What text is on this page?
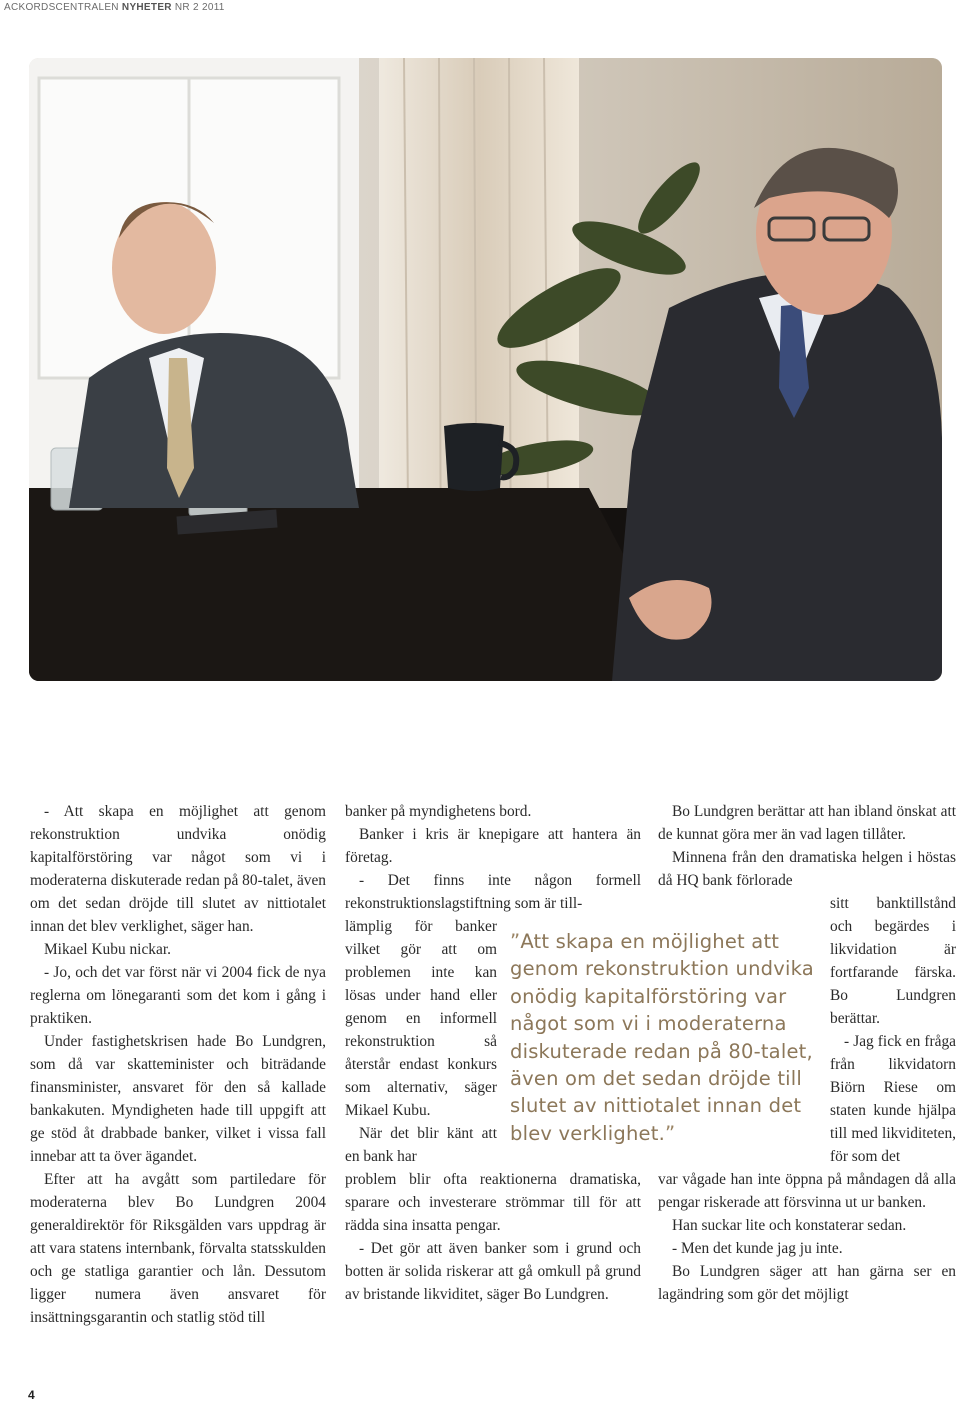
ACKORDSCENTRALEN NYHETER NR 2 2011

- Att skapa en möjlighet att genom rekonstruktion undvika onödig kapitalförstöring var något som vi i moderaterna diskuterade redan på 80-talet, även om det sedan dröjde till slutet av nittiotalet innan det blev verklighet, säger han.

Mikael Kubu nickar.

- Jo, och det var först när vi 2004 fick de nya reglerna om lönegaranti som det kom i gång i praktiken.

Under fastighetskrisen hade Bo Lundgren, som då var skatteminister och biträdande finansminister, ansvaret för den så kallade bankakuten. Myndigheten hade till uppgift att ge stöd åt drabbade banker, vilket i vissa fall innebar att ta över ägandet.

Efter att ha avgått som partiledare för moderaterna blev Bo Lundgren 2004 generaldirektör för Riksgälden vars uppdrag är att vara statens internbank, förvalta statsskulden och ge statliga garantier och lån. Dessutom ligger numera även ansvaret för insättningsgarantin och statlig stöd till

banker på myndighetens bord.

Banker i kris är knepigare att hantera än företag.

- Det finns inte någon formell rekonstruktionslagstiftning som är till-

lämplig för banker vilket gör att om problemen inte kan lösas under hand eller genom en informell rekonstruktion så återstår endast konkurs som alternativ, säger Mikael Kubu.

När det blir känt att en bank har

problem blir ofta reaktionerna dramatiska, sparare och investerare strömmar till för att rädda sina insatta pengar.

- Det gör att även banker som i grund och botten är solida riskerar att gå omkull på grund av bristande likviditet, säger Bo Lundgren.

”Att skapa en möjlighet att genom rekonstruktion undvika onödig kapitalförstöring var något som vi i moderaterna diskuterade redan på 80-talet, även om det sedan dröjde till slutet av nittiotalet innan det blev verklighet.”

Bo Lundgren berättar att han ibland önskat att de kunnat göra mer än vad lagen tillåter.

Minnena från den dramatiska helgen i höstas då HQ bank förlorade

sitt banktillstånd och begärdes i likvidation är fortfarande färska. Bo Lundgren berättar.

- Jag fick en fråga från likvidatorn Biörn Riese om staten kunde hjälpa till med likviditeten, för som det

var vågade han inte öppna på måndagen då alla pengar riskerade att försvinna ut ur banken.

Han suckar lite och konstaterar sedan.

- Men det kunde jag ju inte.

Bo Lundgren säger att han gärna ser en lagändring som gör det möjligt

4
